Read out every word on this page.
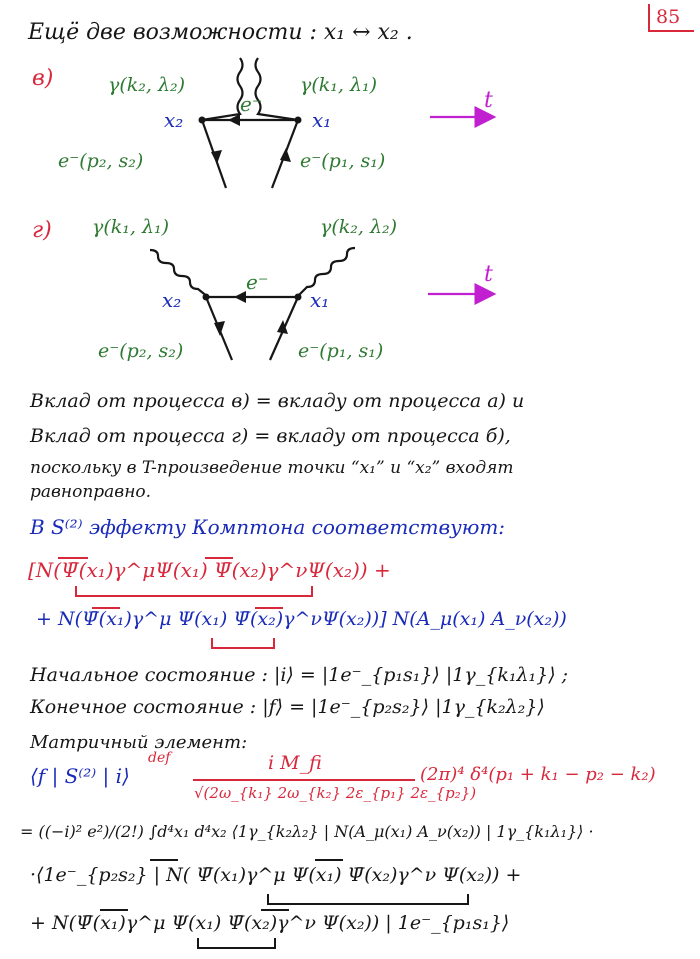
85
Ещё две возможности : x₁ ↔ x₂ .
в)	γ(k₂, λ₂)	γ(k₁, λ₁)
e⁻
x₂	x₁
e⁻(p₂, s₂)	e⁻(p₁, s₁)
t
г) γ(k₁, λ₁)	γ(k₂, λ₂)
e⁻
x₂	x₁
e⁻(p₂, s₂)	e⁻(p₁, s₁)
t
Вклад от процесса в) = вкладу от процесса а) и
Вклад от процесса г) = вкладу от процесса б),
поскольку в T-произведение точки “x₁” и “x₂” входят
равноправно.
В S⁽²⁾ эффекту Комптона соответствуют:
[N(Ψ̄(x₁)γ^μΨ(x₁) Ψ̄(x₂)γ^νΨ(x₂)) +
+ N(Ψ̄(x₁)γ^μ Ψ(x₁) Ψ̄(x₂)γ^νΨ(x₂))] N(A_μ(x₁) A_ν(x₂))
Начальное состояние : |i⟩ = |1e⁻_{p₁s₁}⟩ |1γ_{k₁λ₁}⟩ ;
Конечное состояние : |f⟩ = |1e⁻_{p₂s₂}⟩ |1γ_{k₂λ₂}⟩
Матричный элемент:
⟨f | S⁽²⁾ | i⟩
def	i M_fi
√(2ω_{k₁} 2ω_{k₂} 2ε_{p₁} 2ε_{p₂})
(2π)⁴ δ⁴(p₁ + k₁ − p₂ − k₂)
= ((−i)² e²)/(2!) ∫d⁴x₁ d⁴x₂ ⟨1γ_{k₂λ₂} | N(A_μ(x₁) A_ν(x₂)) | 1γ_{k₁λ₁}⟩ ·
·⟨1e⁻_{p₂s₂} | N( Ψ̄(x₁)γ^μ Ψ(x₁) Ψ̄(x₂)γ^ν Ψ(x₂)) +
+ N(Ψ̄(x₁)γ^μ Ψ(x₁) Ψ̄(x₂)γ^ν Ψ(x₂)) | 1e⁻_{p₁s₁}⟩
